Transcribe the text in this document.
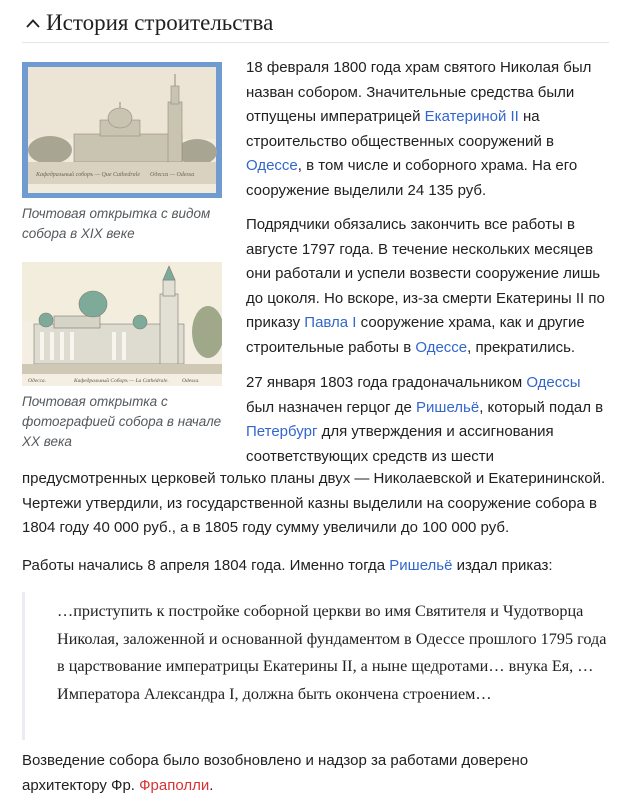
История строительства
Кафедральный соборъ — Que Cathedrale Одесса — Odessa
Почтовая открытка с видом собора в XIX веке
Одесса.	Кафедральный Соборъ — La Cathédrale. Odessa.
Почтовая открытка с фотографией собора в начале XX века

18 февраля 1800 года храм святого Николая был назван собором. Значительные средства были отпущены императрицей Екатериной II на строительство общественных сооружений в Одессе, в том числе и соборного храма. На его сооружение выделили 24 135 руб.

Подрядчики обязались закончить все работы в августе 1797 года. В течение нескольких месяцев они работали и успели возвести сооружение лишь до цоколя. Но вскоре, из-за смерти Екатерины II по приказу Павла I сооружение храма, как и другие строительные работы в Одессе, прекратились.

27 января 1803 года градоначальником Одессы был назначен герцог де Ришельё, который подал в Петербург для утверждения и ассигнования соответствующих средств из шести

предусмотренных церковей только планы двух — Николаевской и Екатерининской. Чертежи утвердили, из государственной казны выделили на сооружение собора в 1804 году 40 000 руб., а в 1805 году сумму увеличили до 100 000 руб.

Работы начались 8 апреля 1804 года. Именно тогда Ришельё издал приказ:

…приступить к постройке соборной церкви во имя Святителя и Чудотворца Николая, заложенной и основанной фундаментом в Одессе прошлого 1795 года в царствование императрицы Екатерины II, а ныне щедротами… внука Ея, … Императора Александра I, должна быть окончена строением…

Возведение собора было возобновлено и надзор за работами доверено архитектору Фр. Фраполли.
